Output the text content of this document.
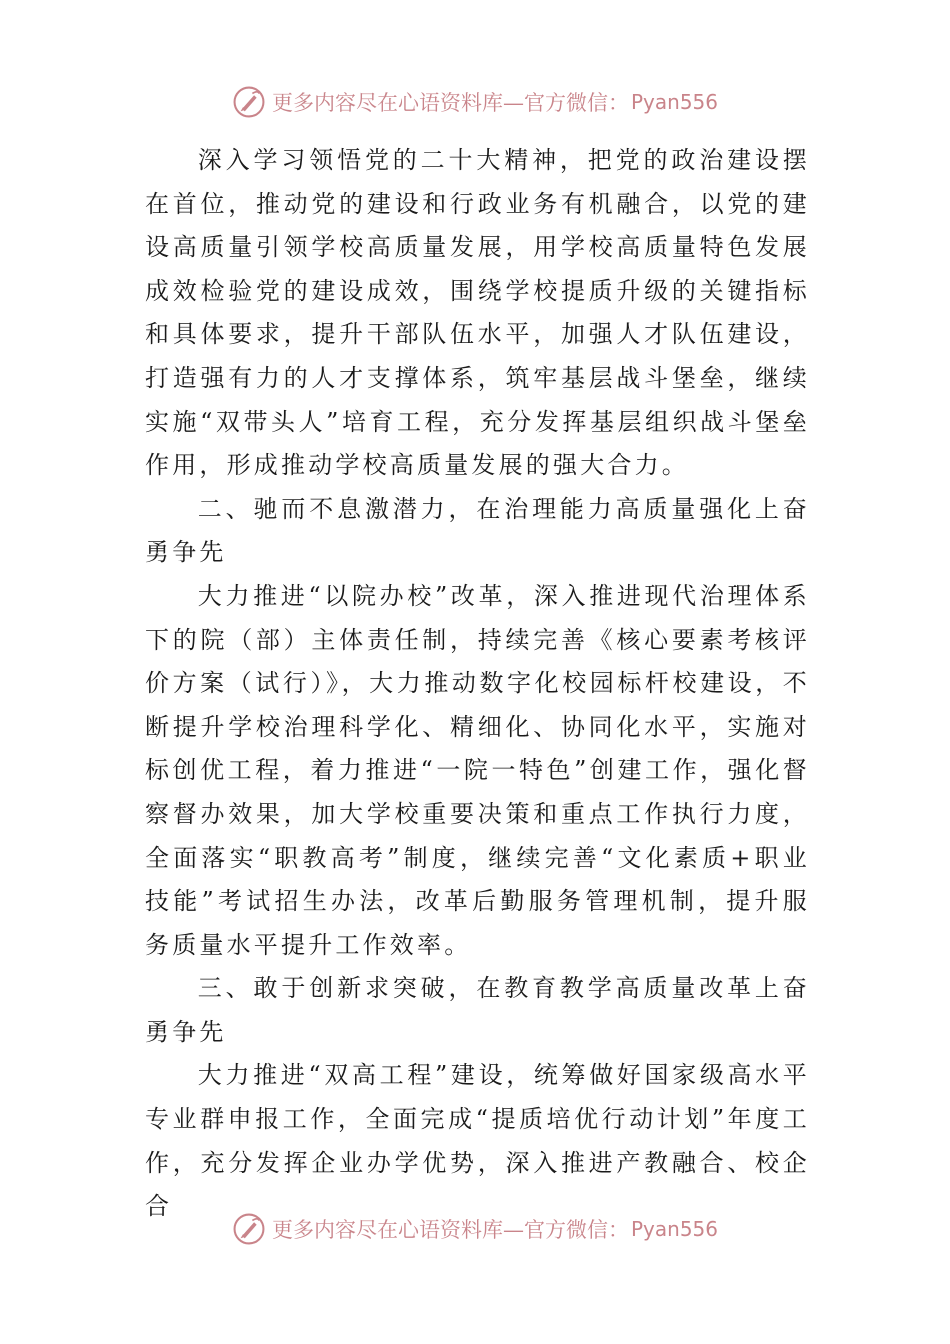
更多内容尽在心语资料库—官方微信： Pyan556

深入学习领悟党的二十大精神，把党的政治建设摆在首位，推动党的建设和行政业务有机融合，以党的建设高质量引领学校高质量发展，用学校高质量特色发展成效检验党的建设成效，围绕学校提质升级的关键指标和具体要求，提升干部队伍水平，加强人才队伍建设，打造强有力的人才支撑体系，筑牢基层战斗堡垒，继续实施“双带头人”培育工程，充分发挥基层组织战斗堡垒作用，形成推动学校高质量发展的强大合力。

二、驰而不息激潜力，在治理能力高质量强化上奋勇争先

大力推进“以院办校”改革，深入推进现代治理体系下的院（部）主体责任制，持续完善《核心要素考核评价方案（试行）》，大力推动数字化校园标杆校建设，不断提升学校治理科学化、精细化、协同化水平，实施对标创优工程，着力推进“一院一特色”创建工作，强化督察督办效果，加大学校重要决策和重点工作执行力度，全面落实“职教高考”制度，继续完善“文化素质+职业技能”考试招生办法，改革后勤服务管理机制，提升服务质量水平提升工作效率。

三、敢于创新求突破，在教育教学高质量改革上奋勇争先

大力推进“双高工程”建设，统筹做好国家级高水平专业群申报工作，全面完成“提质培优行动计划”年度工作，充分发挥企业办学优势，深入推进产教融合、校企合

更多内容尽在心语资料库—官方微信： Pyan556
